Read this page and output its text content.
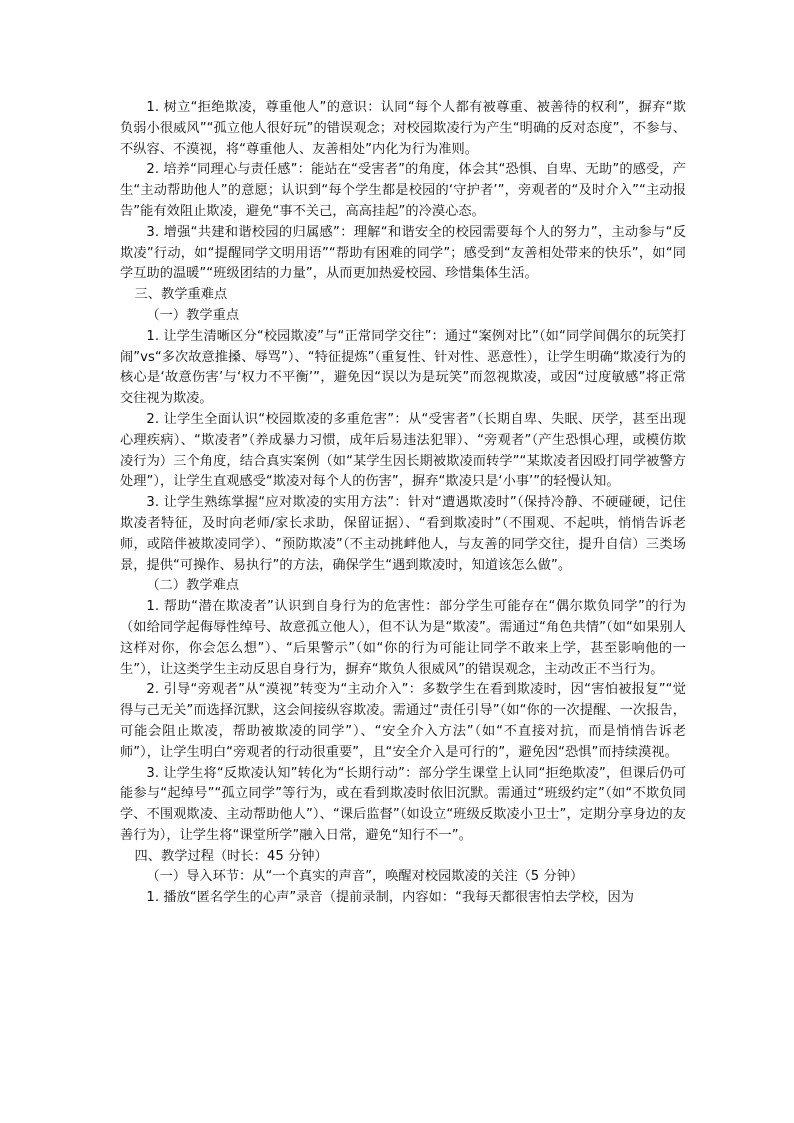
1. 树立“拒绝欺凌，尊重他人”的意识：认同“每个人都有被尊重、被善待的权利”，摒弃“欺负弱小很威风”“孤立他人很好玩”的错误观念；对校园欺凌行为产生“明确的反对态度”，不参与、不纵容、不漠视，将“尊重他人、友善相处”内化为行为准则。

2. 培养“同理心与责任感”：能站在“受害者”的角度，体会其“恐惧、自卑、无助”的感受，产生“主动帮助他人”的意愿；认识到“每个学生都是校园的‘守护者’”，旁观者的“及时介入”“主动报告”能有效阻止欺凌，避免“事不关己，高高挂起”的冷漠心态。

3. 增强“共建和谐校园的归属感”：理解“和谐安全的校园需要每个人的努力”，主动参与“反欺凌”行动，如“提醒同学文明用语”“帮助有困难的同学”；感受到“友善相处带来的快乐”，如“同学互助的温暖”“班级团结的力量”，从而更加热爱校园、珍惜集体生活。

三、教学重难点

（一）教学重点

1. 让学生清晰区分“校园欺凌”与“正常同学交往”：通过“案例对比”（如“同学间偶尔的玩笑打闹”vs“多次故意推搡、辱骂”）、“特征提炼”（重复性、针对性、恶意性），让学生明确“欺凌行为的核心是‘故意伤害’与‘权力不平衡’”，避免因“误以为是玩笑”而忽视欺凌，或因“过度敏感”将正常交往视为欺凌。

2. 让学生全面认识“校园欺凌的多重危害”：从“受害者”（长期自卑、失眠、厌学，甚至出现心理疾病）、“欺凌者”（养成暴力习惯，成年后易违法犯罪）、“旁观者”（产生恐惧心理，或模仿欺凌行为）三个角度，结合真实案例（如“某学生因长期被欺凌而转学”“某欺凌者因殴打同学被警方处理”），让学生直观感受“欺凌对每个人的伤害”，摒弃“欺凌只是‘小事’”的轻慢认知。

3. 让学生熟练掌握“应对欺凌的实用方法”：针对“遭遇欺凌时”（保持冷静、不硬碰硬，记住欺凌者特征，及时向老师/家长求助，保留证据）、“看到欺凌时”（不围观、不起哄，悄悄告诉老师，或陪伴被欺凌同学）、“预防欺凌”（不主动挑衅他人，与友善的同学交往，提升自信）三类场景，提供“可操作、易执行”的方法，确保学生“遇到欺凌时，知道该怎么做”。

（二）教学难点

1. 帮助“潜在欺凌者”认识到自身行为的危害性：部分学生可能存在“偶尔欺负同学”的行为（如给同学起侮辱性绰号、故意孤立他人），但不认为是“欺凌”。需通过“角色共情”（如“如果别人这样对你，你会怎么想”）、“后果警示”（如“你的行为可能让同学不敢来上学，甚至影响他的一生”），让这类学生主动反思自身行为，摒弃“欺负人很威风”的错误观念，主动改正不当行为。

2. 引导“旁观者”从“漠视”转变为“主动介入”：多数学生在看到欺凌时，因“害怕被报复”“觉得与己无关”而选择沉默，这会间接纵容欺凌。需通过“责任引导”（如“你的一次提醒、一次报告，可能会阻止欺凌，帮助被欺凌的同学”）、“安全介入方法”（如“不直接对抗，而是悄悄告诉老师”），让学生明白“旁观者的行动很重要”，且“安全介入是可行的”，避免因“恐惧”而持续漠视。

3. 让学生将“反欺凌认知”转化为“长期行动”：部分学生课堂上认同“拒绝欺凌”，但课后仍可能参与“起绰号”“孤立同学”等行为，或在看到欺凌时依旧沉默。需通过“班级约定”（如“不欺负同学、不围观欺凌、主动帮助他人”）、“课后监督”（如设立“班级反欺凌小卫士”，定期分享身边的友善行为），让学生将“课堂所学”融入日常，避免“知行不一”。

四、教学过程（时长：45 分钟）

（一）导入环节：从“一个真实的声音”，唤醒对校园欺凌的关注（5 分钟）

1. 播放“匿名学生的心声”录音（提前录制，内容如：“我每天都很害怕去学校，因为
